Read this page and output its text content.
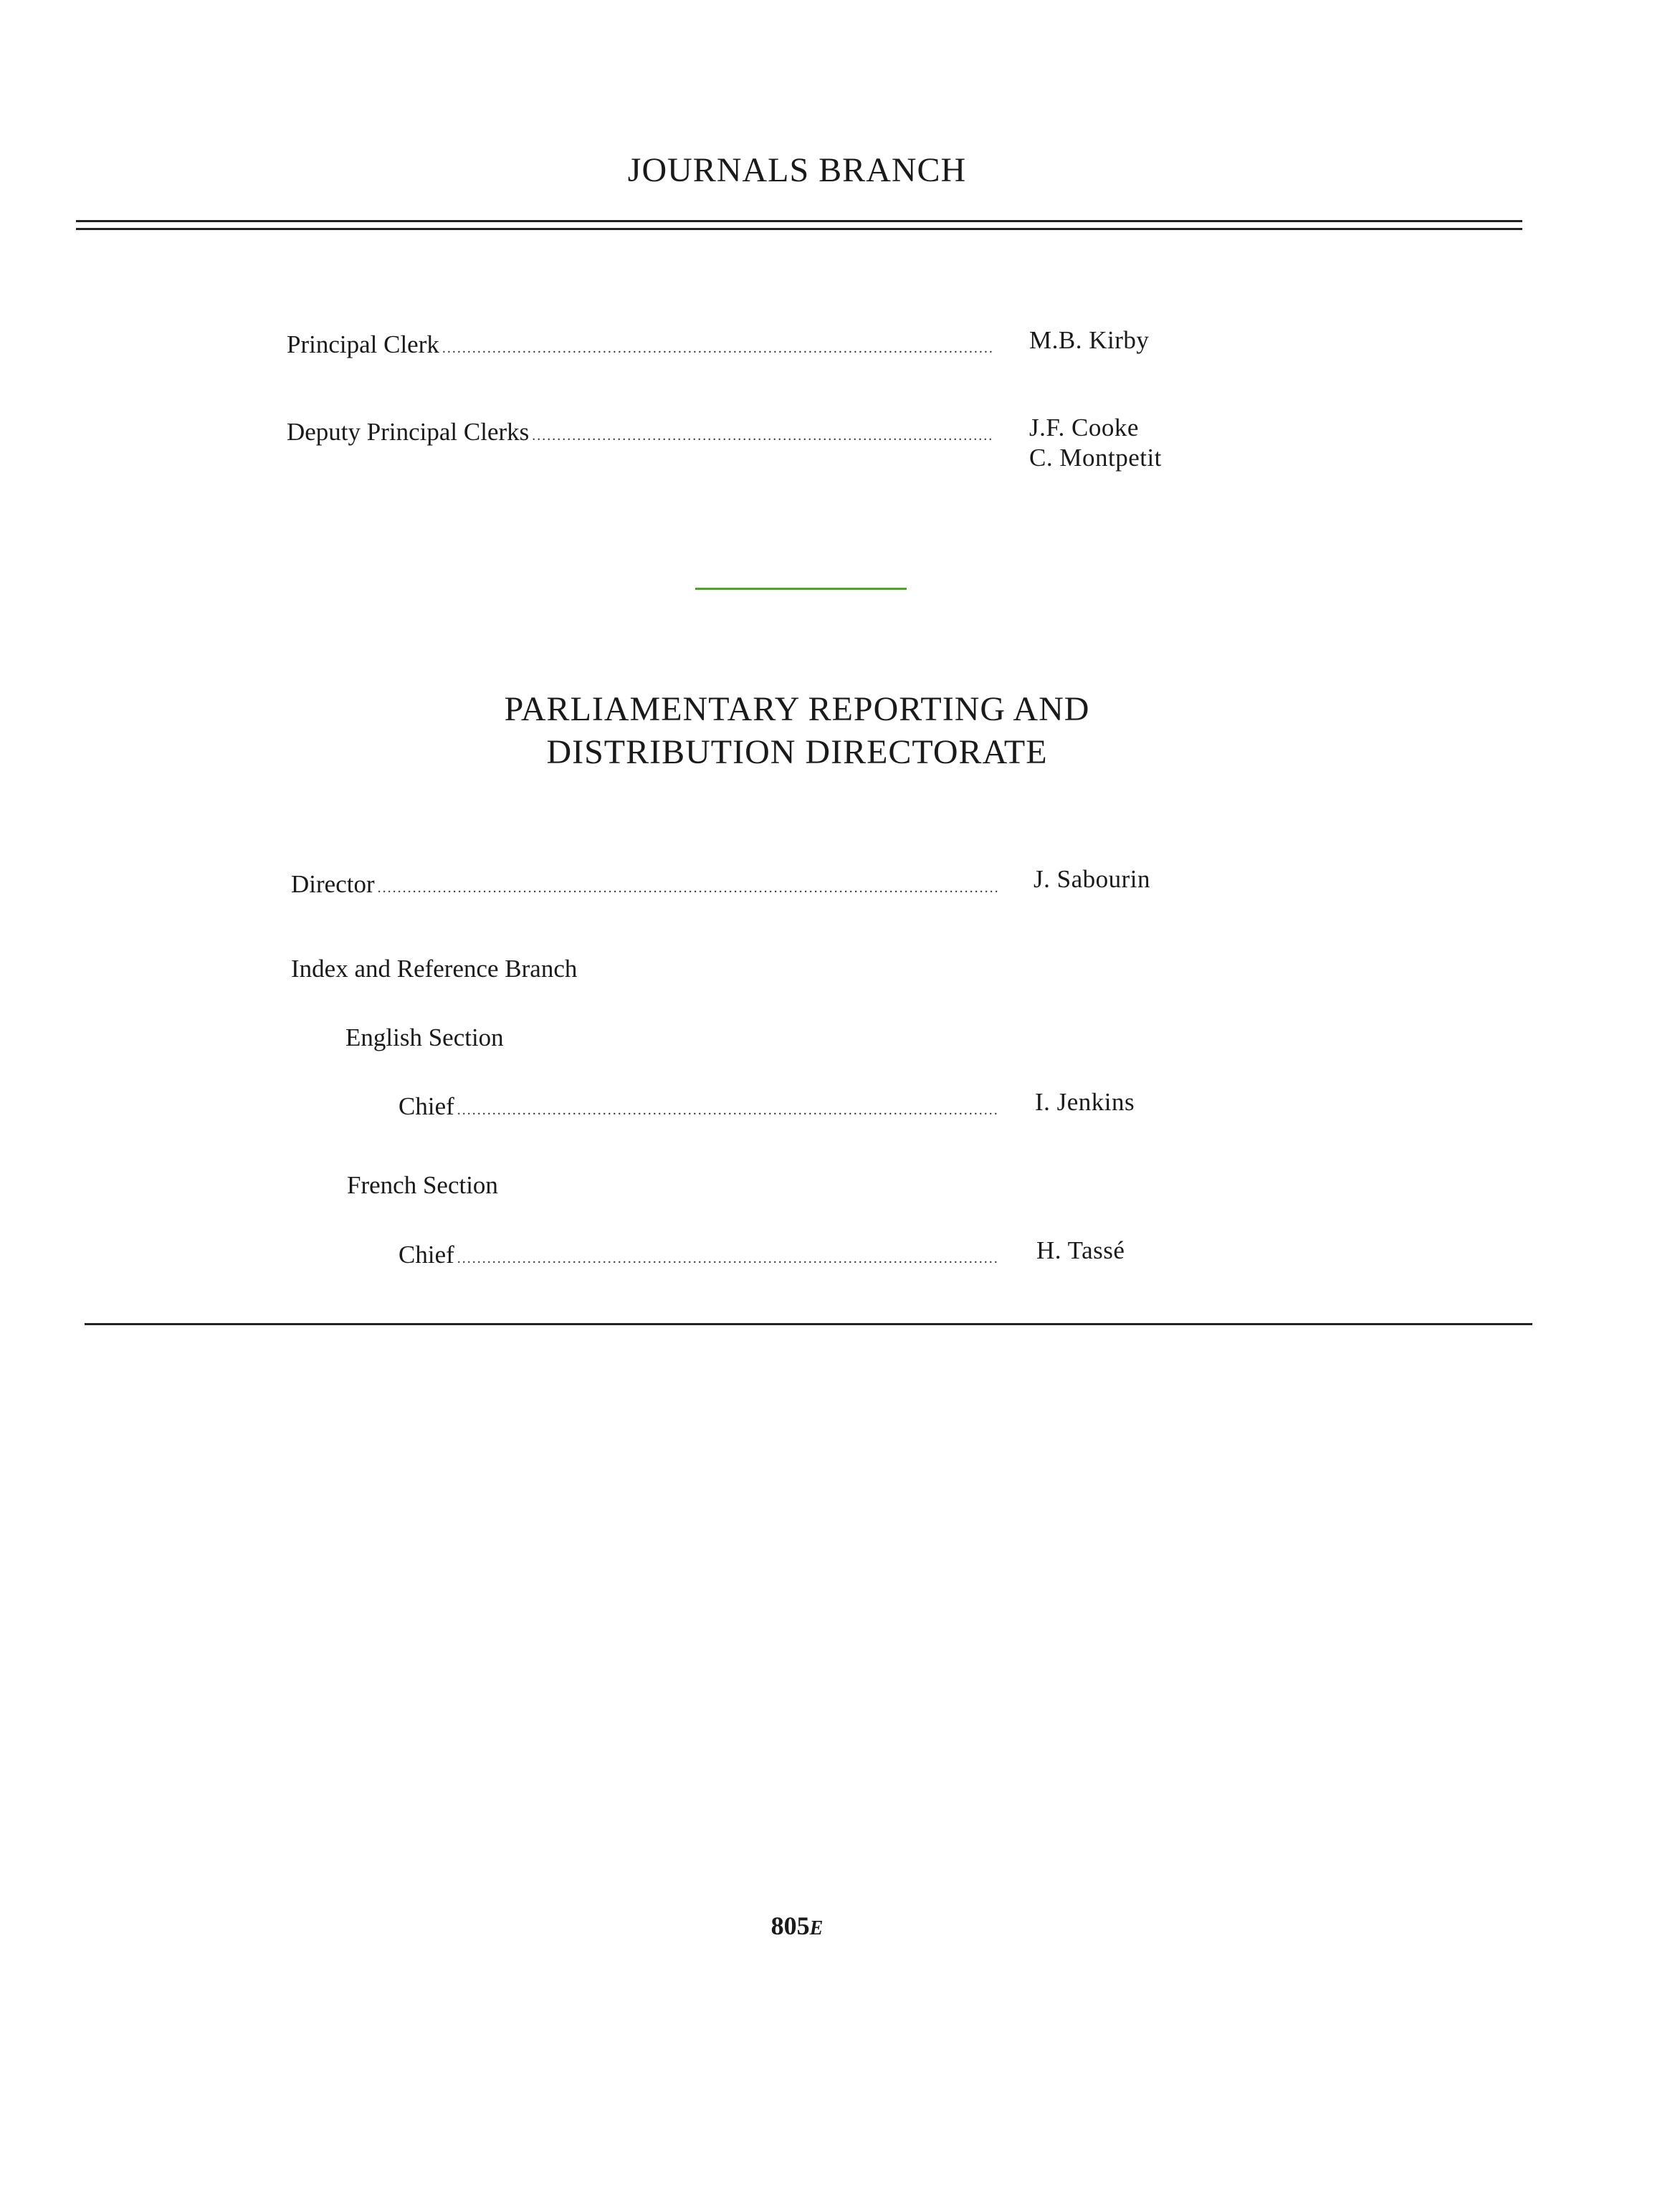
JOURNALS BRANCH
Principal Clerk .....	M.B. Kirby
Deputy Principal Clerks .....	J.F. Cooke
C. Montpetit
PARLIAMENTARY REPORTING AND
DISTRIBUTION DIRECTORATE
Director .....	J. Sabourin
Index and Reference Branch
English Section
Chief .....	I. Jenkins
French Section
Chief .....	H. Tassé
805E
